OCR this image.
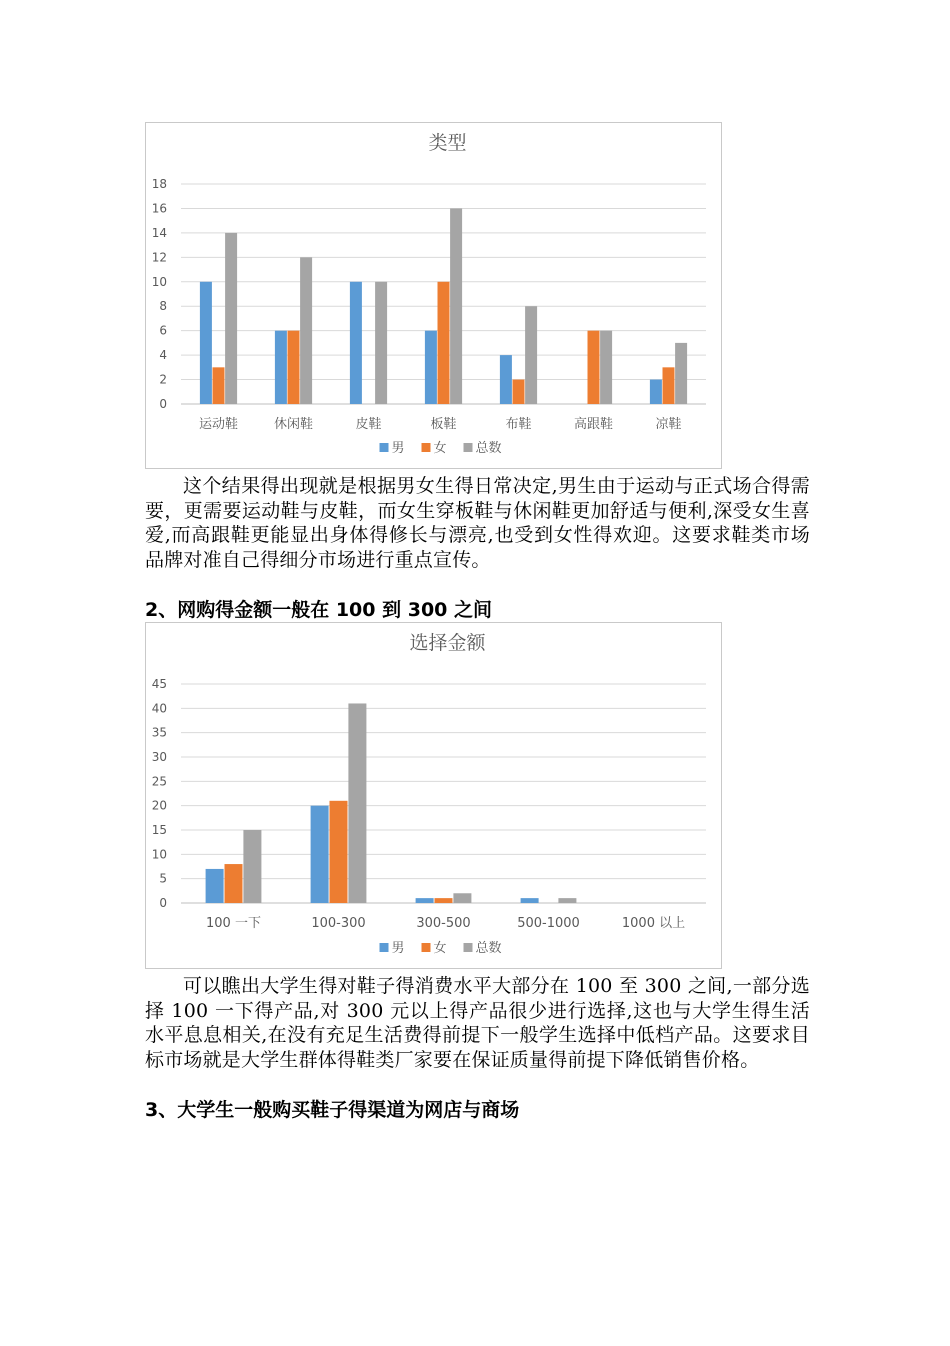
类型
0
2
4
6
8
10
12
14
16
18
运动鞋	休闲鞋	皮鞋	板鞋	布鞋	高跟鞋	凉鞋
男 女 总数

这个结果得出现就是根据男女生得日常决定,男生由于运动与正式场合得需要，更需要运动鞋与皮鞋，而女生穿板鞋与休闲鞋更加舒适与便利,深受女生喜爱,而高跟鞋更能显出身体得修长与漂亮,也受到女性得欢迎。这要求鞋类市场品牌对准自己得细分市场进行重点宣传。

2、网购得金额一般在 100 到 300 之间

选择金额
0
5
10
15
20
25
30
35
40
45
100 一下	100-300	300-500	500-1000	1000 以上
男 女 总数

可以瞧出大学生得对鞋子得消费水平大部分在 100 至 300 之间,一部分选择 100 一下得产品,对 300 元以上得产品很少进行选择,这也与大学生得生活水平息息相关,在没有充足生活费得前提下一般学生选择中低档产品。这要求目标市场就是大学生群体得鞋类厂家要在保证质量得前提下降低销售价格。

3、大学生一般购买鞋子得渠道为网店与商场
